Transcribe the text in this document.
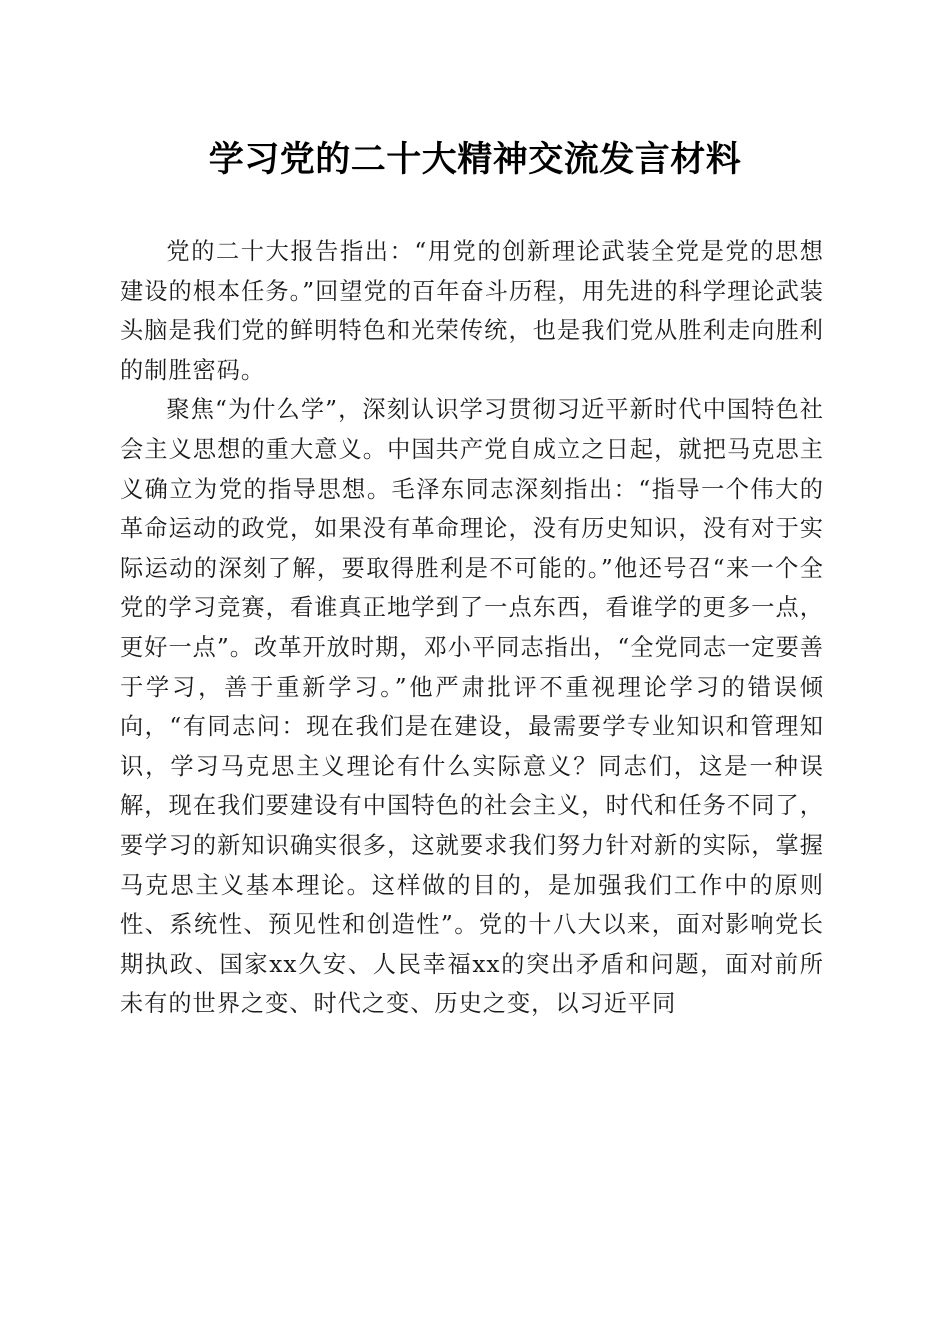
学习党的二十大精神交流发言材料

党的二十大报告指出：“用党的创新理论武装全党是党的思想建设的根本任务。”回望党的百年奋斗历程，用先进的科学理论武装头脑是我们党的鲜明特色和光荣传统，也是我们党从胜利走向胜利的制胜密码。

聚焦“为什么学”，深刻认识学习贯彻习近平新时代中国特色社会主义思想的重大意义。中国共产党自成立之日起，就把马克思主义确立为党的指导思想。毛泽东同志深刻指出：“指导一个伟大的革命运动的政党，如果没有革命理论，没有历史知识，没有对于实际运动的深刻了解，要取得胜利是不可能的。”他还号召“来一个全党的学习竞赛，看谁真正地学到了一点东西，看谁学的更多一点，更好一点”。改革开放时期，邓小平同志指出，“全党同志一定要善于学习，善于重新学习。”他严肃批评不重视理论学习的错误倾向，“有同志问：现在我们是在建设，最需要学专业知识和管理知识，学习马克思主义理论有什么实际意义？同志们，这是一种误解，现在我们要建设有中国特色的社会主义，时代和任务不同了，要学习的新知识确实很多，这就要求我们努力针对新的实际，掌握马克思主义基本理论。这样做的目的，是加强我们工作中的原则性、系统性、预见性和创造性”。党的十八大以来，面对影响党长期执政、国家xx久安、人民幸福xx的突出矛盾和问题，面对前所未有的世界之变、时代之变、历史之变，以习近平同
